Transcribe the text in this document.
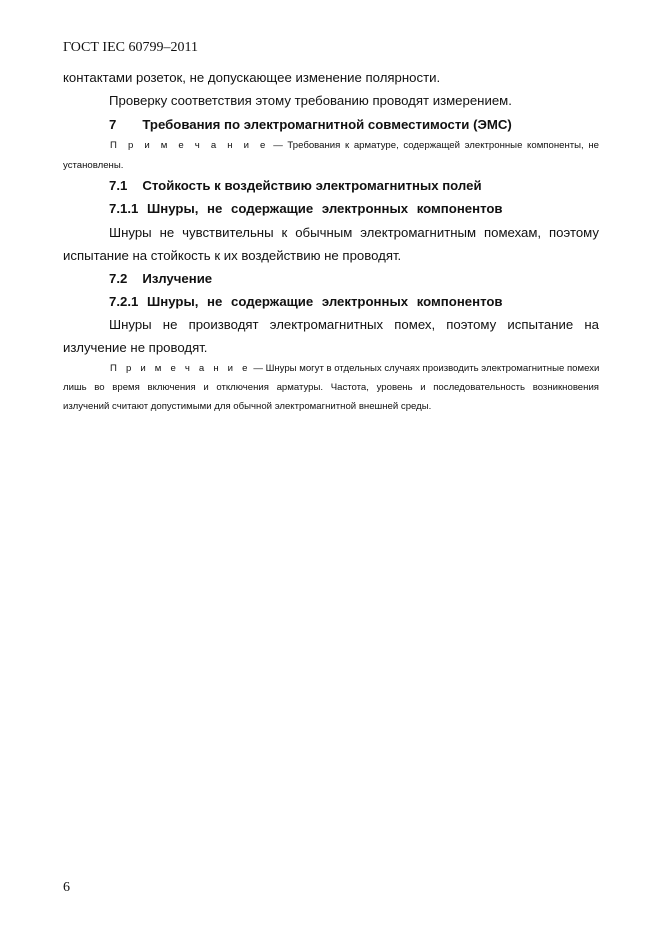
ГОСТ IEC 60799–2011
контактами розеток, не допускающее изменение полярности.
Проверку соответствия этому требованию проводят измерением.
7 Требования по электромагнитной совместимости (ЭМС)
П р и м е ч а н и е — Требования к арматуре, содержащей электронные компоненты, не
установлены.
7.1 Стойкость к воздействию электромагнитных полей
7.1.1 Шнуры, не содержащие электронных компонентов
Шнуры не чувствительны к обычным электромагнитным помехам, поэтому
испытание на стойкость к их воздействию не проводят.
7.2 Излучение
7.2.1 Шнуры, не содержащие электронных компонентов
Шнуры не производят электромагнитных помех, поэтому испытание на
излучение не проводят.
П р и м е ч а н и е — Шнуры могут в отдельных случаях производить электромагнитные помехи
лишь во время включения и отключения арматуры. Частота, уровень и последовательность возникновения
излучений считают допустимыми для обычной электромагнитной внешней среды.
6
